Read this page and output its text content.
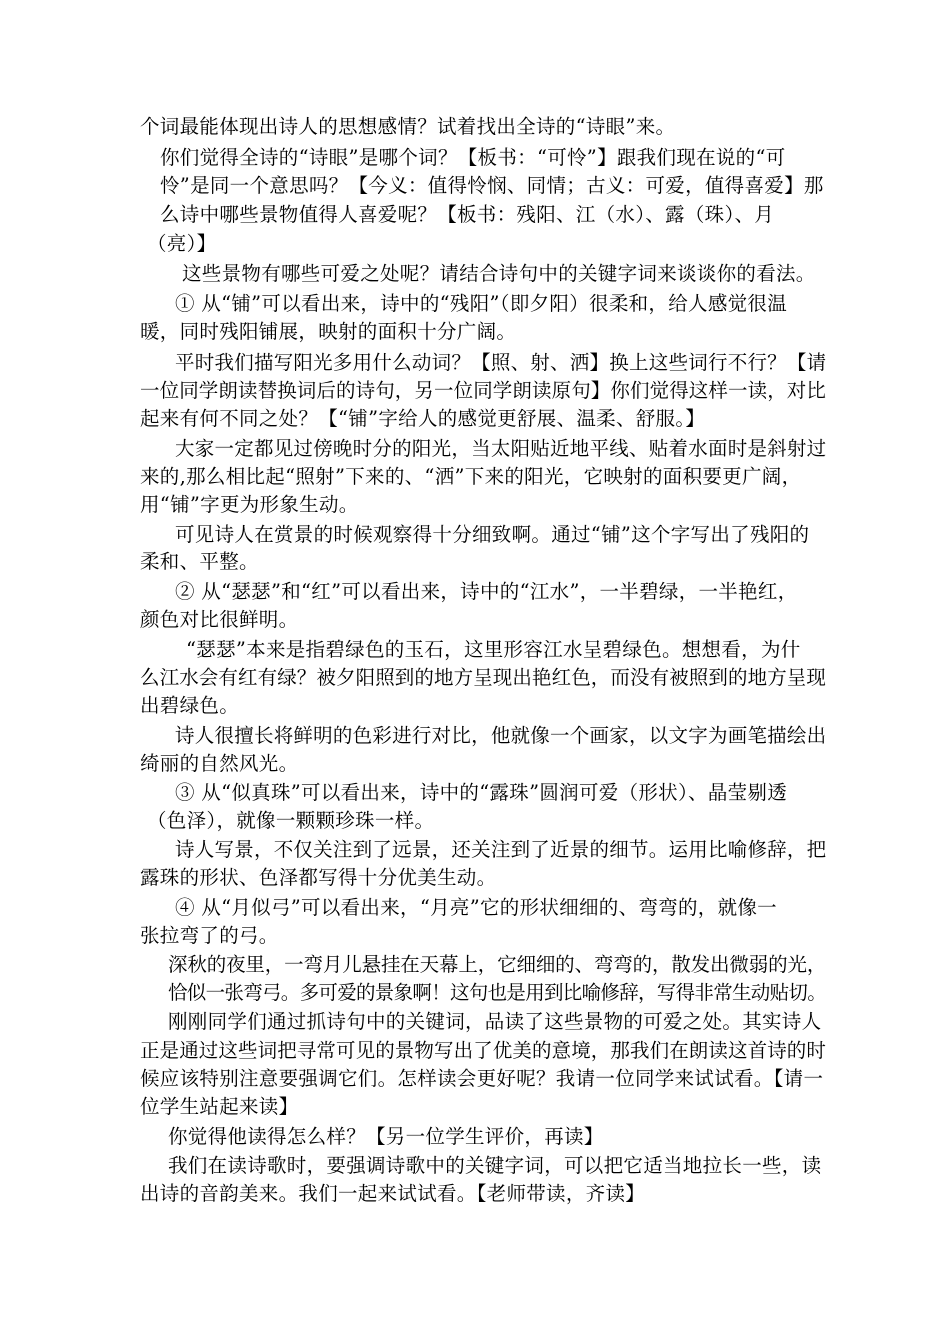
个词最能体现出诗人的思想感情？试着找出全诗的“诗眼”来。
你们觉得全诗的“诗眼”是哪个词？【板书：“可怜”】跟我们现在说的“可
怜”是同一个意思吗？【今义：值得怜悯、同情；古义：可爱，值得喜爱】那
么诗中哪些景物值得人喜爱呢？【板书：残阳、江（水）、露（珠）、月
（亮）】
这些景物有哪些可爱之处呢？请结合诗句中的关键字词来谈谈你的看法。
① 从“铺”可以看出来，诗中的“残阳”（即夕阳）很柔和，给人感觉很温
暖，同时残阳铺展，映射的面积十分广阔。
平时我们描写阳光多用什么动词？【照、射、洒】换上这些词行不行？【请
一位同学朗读替换词后的诗句，另一位同学朗读原句】你们觉得这样一读，对比
起来有何不同之处？【“铺”字给人的感觉更舒展、温柔、舒服。】
大家一定都见过傍晚时分的阳光，当太阳贴近地平线、贴着水面时是斜射过
来的,那么相比起“照射”下来的、“洒”下来的阳光，它映射的面积要更广阔，
用“铺”字更为形象生动。
可见诗人在赏景的时候观察得十分细致啊。通过“铺”这个字写出了残阳的
柔和、平整。
② 从“瑟瑟”和“红”可以看出来，诗中的“江水”，一半碧绿，一半艳红，
颜色对比很鲜明。
“瑟瑟”本来是指碧绿色的玉石，这里形容江水呈碧绿色。想想看，为什
么江水会有红有绿？被夕阳照到的地方呈现出艳红色，而没有被照到的地方呈现
出碧绿色。
诗人很擅长将鲜明的色彩进行对比，他就像一个画家，以文字为画笔描绘出
绮丽的自然风光。
③ 从“似真珠”可以看出来，诗中的“露珠”圆润可爱（形状）、晶莹剔透
（色泽），就像一颗颗珍珠一样。
诗人写景，不仅关注到了远景，还关注到了近景的细节。运用比喻修辞，把
露珠的形状、色泽都写得十分优美生动。
④ 从“月似弓”可以看出来，“月亮”它的形状细细的、弯弯的，就像一
张拉弯了的弓。
深秋的夜里，一弯月儿悬挂在天幕上，它细细的、弯弯的，散发出微弱的光，
恰似一张弯弓。多可爱的景象啊！这句也是用到比喻修辞，写得非常生动贴切。
刚刚同学们通过抓诗句中的关键词，品读了这些景物的可爱之处。其实诗人
正是通过这些词把寻常可见的景物写出了优美的意境，那我们在朗读这首诗的时
候应该特别注意要强调它们。怎样读会更好呢？我请一位同学来试试看。【请一
位学生站起来读】
你觉得他读得怎么样？【另一位学生评价，再读】
我们在读诗歌时，要强调诗歌中的关键字词，可以把它适当地拉长一些，读
出诗的音韵美来。我们一起来试试看。【老师带读，齐读】
